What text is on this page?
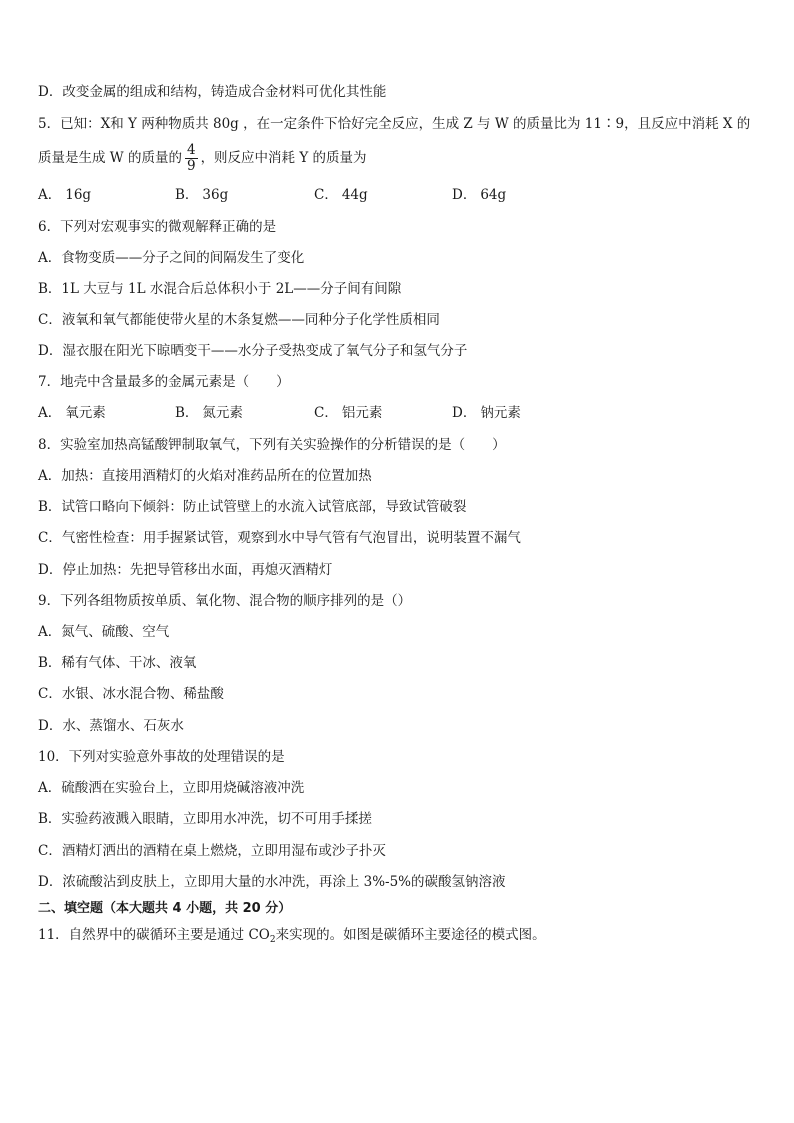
D．改变金属的组成和结构，铸造成合金材料可优化其性能
5．已知：X和 Y 两种物质共 80g ，在一定条件下恰好完全反应，生成 Z 与 W 的质量比为 11∶9，且反应中消耗 X 的
质量是生成 W 的质量的 $\frac{4}{9}$ ，则反应中消耗 Y 的质量为
A． 16g	B． 36g	C． 44g	D． 64g
6．下列对宏观事实的微观解释正确的是
A．食物变质——分子之间的间隔发生了变化
B．1L 大豆与 1L 水混合后总体积小于 2L——分子间有间隙
C．液氧和氧气都能使带火星的木条复燃——同种分子化学性质相同
D．湿衣服在阳光下晾晒变干——水分子受热变成了氧气分子和氢气分子
7．地壳中含量最多的金属元素是（　　）
A． 氧元素	B． 氮元素	C． 铝元素	D． 钠元素
8．实验室加热高锰酸钾制取氧气，下列有关实验操作的分析错误的是（　　）
A．加热：直接用酒精灯的火焰对准药品所在的位置加热
B．试管口略向下倾斜：防止试管壁上的水流入试管底部，导致试管破裂
C．气密性检查：用手握紧试管，观察到水中导气管有气泡冒出，说明装置不漏气
D．停止加热：先把导管移出水面，再熄灭酒精灯
9．下列各组物质按单质、氧化物、混合物的顺序排列的是（）
A．氮气、硫酸、空气
B．稀有气体、干冰、液氧
C．水银、冰水混合物、稀盐酸
D．水、蒸馏水、石灰水
10．下列对实验意外事故的处理错误的是
A．硫酸洒在实验台上，立即用烧碱溶液冲洗
B．实验药液溅入眼睛，立即用水冲洗，切不可用手揉搓
C．酒精灯洒出的酒精在桌上燃烧，立即用湿布或沙子扑灭
D．浓硫酸沾到皮肤上，立即用大量的水冲洗，再涂上 3%-5%的碳酸氢钠溶液
二、填空题（本大题共 4 小题，共 20 分）
11．自然界中的碳循环主要是通过 $CO_2$来实现的。如图是碳循环主要途径的模式图。
